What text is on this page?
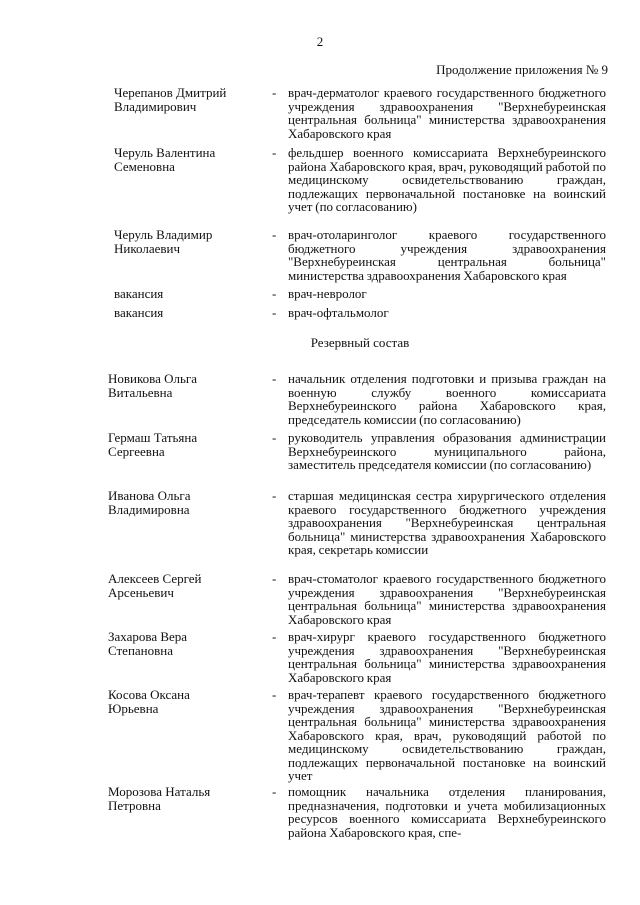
2
Продолжение приложения № 9
Черепанов Дмитрий
Владимирович
- врач-дерматолог краевого государственного бюджетного учреждения здравоохранения "Верхнебуреинская центральная больница" министерства здравоохранения Хабаровского края
Черуль Валентина
Семеновна
- фельдшер военного комиссариата Верхнебуреинского района Хабаровского края, врач, руководящий работой по медицинскому освидетельствованию граждан, подлежащих первоначальной постановке на воинский учет (по согласованию)
Черуль Владимир
Николаевич
- врач-отоларинголог краевого государственного бюджетного учреждения здравоохранения "Верхнебуреинская центральная больница" министерства здравоохранения Хабаровского края
вакансия	- врач-невролог
вакансия	- врач-офтальмолог
Резервный состав
Новикова Ольга
Витальевна
- начальник отделения подготовки и призыва граждан на военную службу военного комиссариата Верхнебуреинского района Хабаровского края, председатель комиссии (по согласованию)
Гермаш Татьяна
Сергеевна
- руководитель управления образования администрации Верхнебуреинского муниципального района, заместитель председателя комиссии (по согласованию)
Иванова Ольга
Владимировна
- старшая медицинская сестра хирургического отделения краевого государственного бюджетного учреждения здравоохранения "Верхнебуреинская центральная больница" министерства здравоохранения Хабаровского края, секретарь комиссии
Алексеев Сергей
Арсеньевич
- врач-стоматолог краевого государственного бюджетного учреждения здравоохранения "Верхнебуреинская центральная больница" министерства здравоохранения Хабаровского края
Захарова Вера
Степановна
- врач-хирург краевого государственного бюджетного учреждения здравоохранения "Верхнебуреинская центральная больница" министерства здравоохранения Хабаровского края
Косова Оксана
Юрьевна
- врач-терапевт краевого государственного бюджетного учреждения здравоохранения "Верхнебуреинская центральная больница" министерства здравоохранения Хабаровского края, врач, руководящий работой по медицинскому освидетельствованию граждан, подлежащих первоначальной постановке на воинский учет
Морозова Наталья
Петровна
- помощник начальника отделения планирования, предназначения, подготовки и учета мобилизационных ресурсов военного комиссариата Верхнебуреинского района Хабаровского края, спе-
